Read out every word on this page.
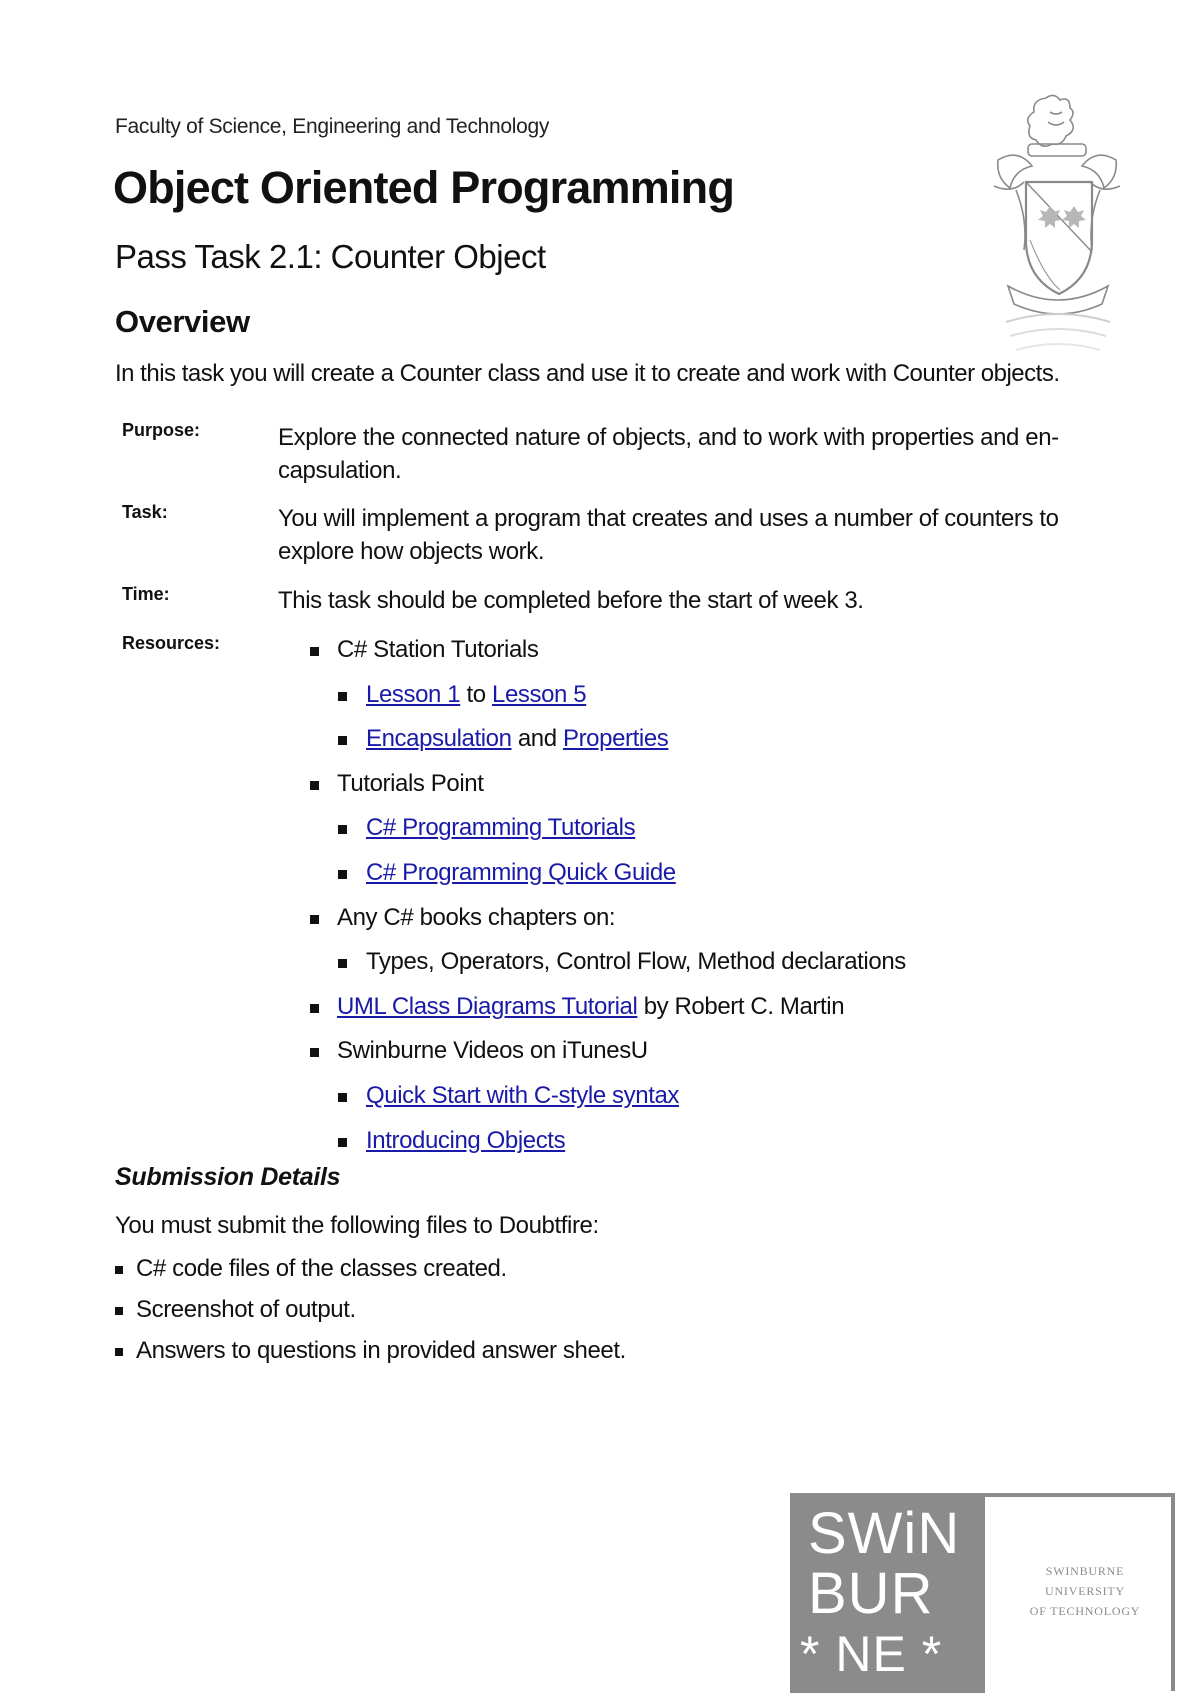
Faculty of Science, Engineering and Technology
Object Oriented Programming
Pass Task 2.1: Counter Object
Overview

In this task you will create a Counter class and use it to create and work with Counter objects.

Purpose:	Explore the connected nature of objects, and to work with properties and en-capsulation.
Task:	You will implement a program that creates and uses a number of counters to explore how objects work.
Time:	This task should be completed before the start of week 3.
Resources:	C# Station Tutorials
Lesson 1 to Lesson 5
Encapsulation and Properties
Tutorials Point
C# Programming Tutorials
C# Programming Quick Guide
Any C# books chapters on:
Types, Operators, Control Flow, Method declarations
UML Class Diagrams Tutorial by Robert C. Martin
Swinburne Videos on iTunesU
Quick Start with C-style syntax
Introducing Objects
Submission Details
You must submit the following files to Doubtfire:
C# code files of the classes created.
Screenshot of output.
Answers to questions in provided answer sheet.
SWiN
BUR
* NE *
SWINBURNE UNIVERSITY
OF TECHNOLOGY
